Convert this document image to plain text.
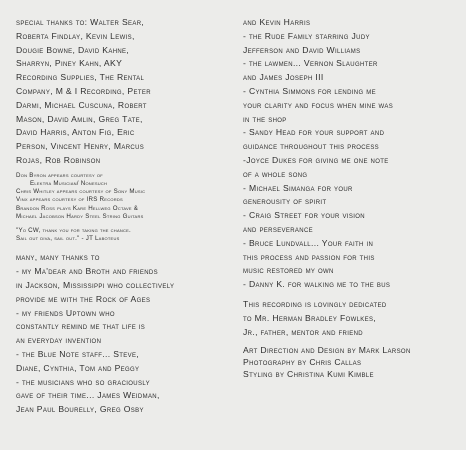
special thanks to: Walter Sear,
Roberta Findlay, Kevin Lewis,
Dougie Bowne, David Kahne,
Sharryn, Piney Kahn, AKY
Recording Supplies, The Rental
Company, M & I Recording, Peter
Darmi, Michael Cuscuna, Robert
Mason, David Amlin, Greg Tate,
David Harris, Anton Fig, Eric
Person, Vincent Henry, Marcus
Rojas, Rob Robinson
Don Byron appears courtesy of
Elektra Musician/ Nonesuch
Chris Whitley appears courtesy of Sony Music
Vinx appears courtesy of IRS Records
Brandon Ross plays Kare Hellweg Octave &
Michael Jacobson Hardy Steel String Guitars
"Yo CW, thank you for taking the chance.
Sail out diva, sail out." - JT Laboteus
many, many thanks to
- my Ma'dear and Broth and friends
in Jackson, Mississippi who collectively
provide me with the Rock of Ages
- my friends Uptown who
constantly remind me that life is
an everyday invention
- the Blue Note staff... Steve,
Diane, Cynthia, Tom and Peggy
- the musicians who so graciously
gave of their time... James Weidman,
Jean Paul Bourelly, Greg Osby
and Kevin Harris
- the Rude Family starring Judy
Jefferson and David Williams
- the lawmen... Vernon Slaughter
and James Joseph III
- Cynthia Simmons for lending me
your clarity and focus when mine was
in the shop
- Sandy Head for your support and
guidance throughout this process
-Joyce Dukes for giving me one note
of a whole song
- Michael Simanga for your
generousity of spirit
- Craig Street for your vision
and perseverance
- Bruce Lundvall... Your faith in
this process and passion for this
music restored my own
- Danny K. for walking me to the bus
This recording is lovingly dedicated
to Mr. Herman Bradley Fowlkes,
Jr., father, mentor and friend
Art Direction and Design by Mark Larson
Photography by Chris Callas
Styling by Christina Kumi Kimble
